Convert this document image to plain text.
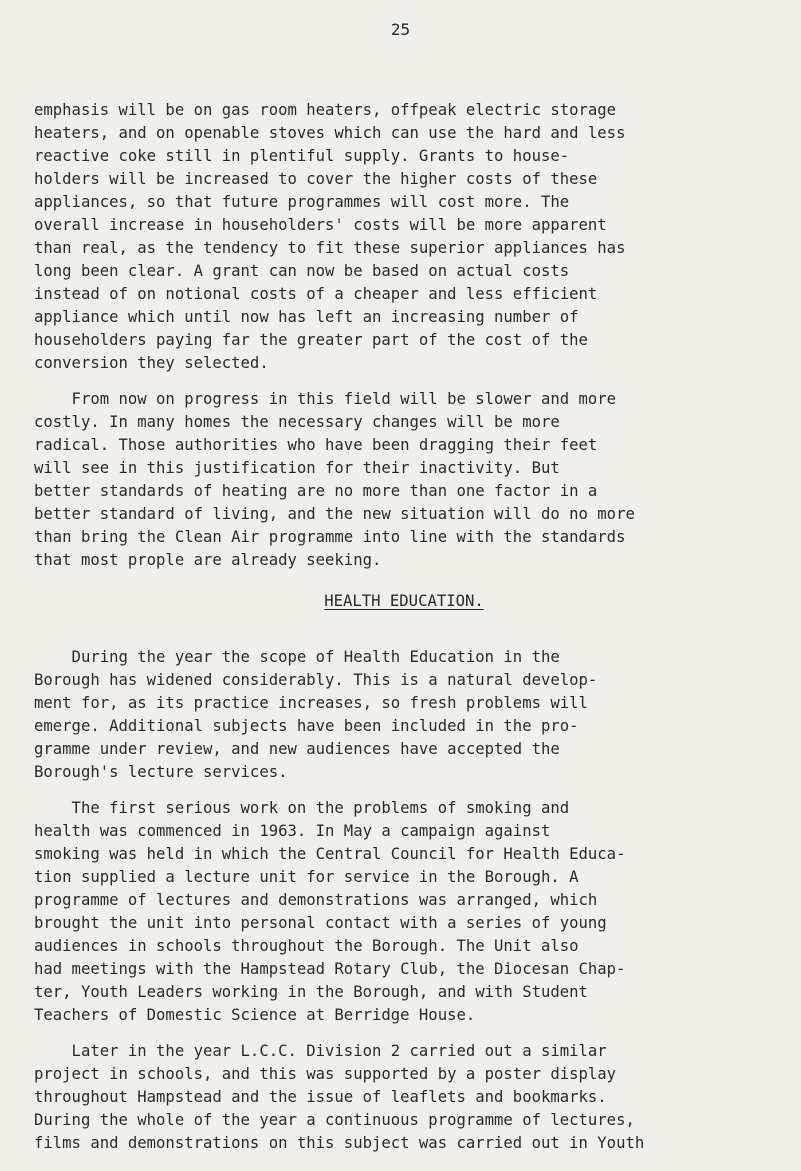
25
emphasis will be on gas room heaters, offpeak electric storage
heaters, and on openable stoves which can use the hard and less
reactive coke still in plentiful supply. Grants to house-
holders will be increased to cover the higher costs of these
appliances, so that future programmes will cost more. The
overall increase in householders' costs will be more apparent
than real, as the tendency to fit these superior appliances has
long been clear. A grant can now be based on actual costs
instead of on notional costs of a cheaper and less efficient
appliance which until now has left an increasing number of
householders paying far the greater part of the cost of the
conversion they selected.
From now on progress in this field will be slower and more
costly. In many homes the necessary changes will be more
radical. Those authorities who have been dragging their feet
will see in this justification for their inactivity. But
better standards of heating are no more than one factor in a
better standard of living, and the new situation will do no more
than bring the Clean Air programme into line with the standards
that most prople are already seeking.
HEALTH EDUCATION.
During the year the scope of Health Education in the
Borough has widened considerably. This is a natural develop-
ment for, as its practice increases, so fresh problems will
emerge. Additional subjects have been included in the pro-
gramme under review, and new audiences have accepted the
Borough's lecture services.
The first serious work on the problems of smoking and
health was commenced in 1963. In May a campaign against
smoking was held in which the Central Council for Health Educa-
tion supplied a lecture unit for service in the Borough. A
programme of lectures and demonstrations was arranged, which
brought the unit into personal contact with a series of young
audiences in schools throughout the Borough. The Unit also
had meetings with the Hampstead Rotary Club, the Diocesan Chap-
ter, Youth Leaders working in the Borough, and with Student
Teachers of Domestic Science at Berridge House.
Later in the year L.C.C. Division 2 carried out a similar
project in schools, and this was supported by a poster display
throughout Hampstead and the issue of leaflets and bookmarks.
During the whole of the year a continuous programme of lectures,
films and demonstrations on this subject was carried out in Youth
